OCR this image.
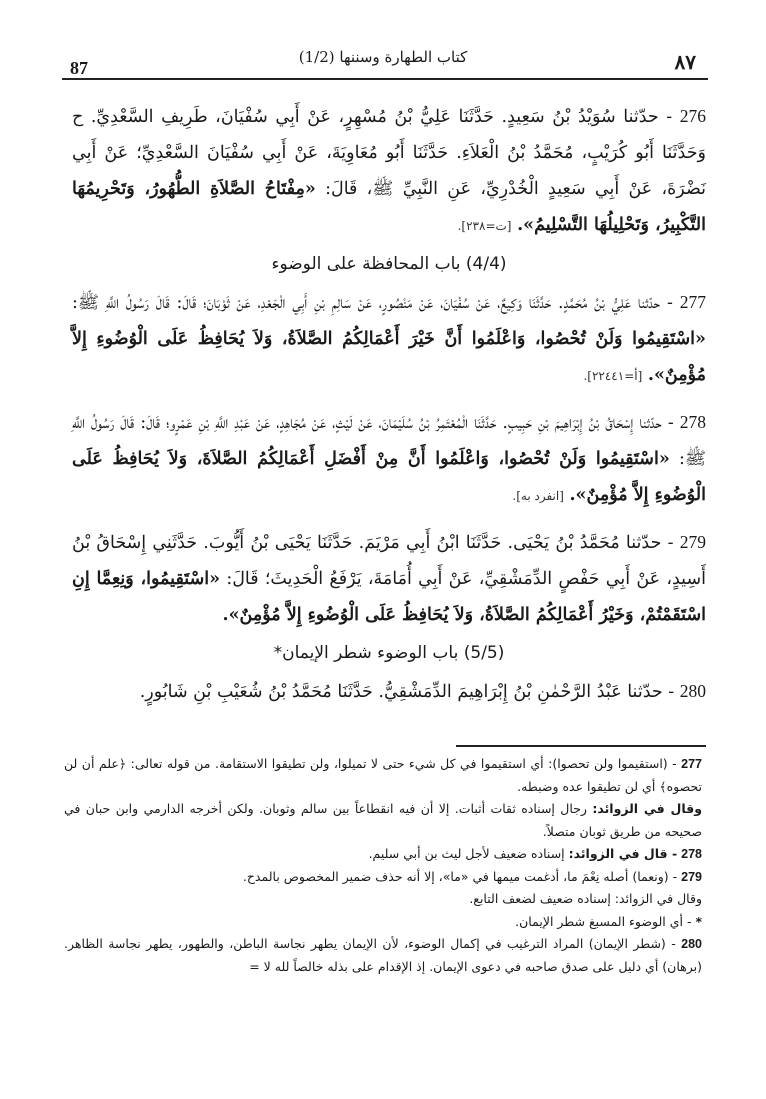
87
(1/2) كتاب الطهارة وسننها	٨٧

276 - حدّثنا سُوَيْدُ بْنُ سَعِيدٍ. حَدَّثَنَا عَلِيُّ بْنُ مُسْهِرٍ، عَنْ أَبِي سُفْيَانَ، طَرِيفِ السَّعْدِيِّ. ح وَحَدَّثَنَا أَبُو كُرَيْبٍ، مُحَمَّدُ بْنُ الْعَلاَءِ. حَدَّثَنَا أَبُو مُعَاوِيَةَ، عَنْ أَبِي سُفْيَانَ السَّعْدِيِّ؛ عَنْ أَبِي نَضْرَةَ، عَنْ أَبِي سَعِيدٍ الْخُدْرِيِّ، عَنِ النَّبِيِّ ﷺ، قَالَ: «مِفْتَاحُ الصَّلاَةِ الطُّهُورُ، وَتَحْرِيمُهَا التَّكْبِيرُ، وَتَحْلِيلُهَا التَّسْلِيمُ». [ت=٢٣٨].

(4/4) باب المحافظة على الوضوء

277 - حدّثنا عَلِيُّ بْنُ مُحَمَّدٍ. حَدَّثَنَا وَكِيعٌ، عَنْ سُفْيَانَ، عَنْ مَنْصُورٍ، عَنْ سَالِمِ بْنِ أَبِي الْجَعْدِ، عَنْ ثَوْبَانَ؛ قَالَ: قَالَ رَسُولُ اللَّهِ ﷺ: «اسْتَقِيمُوا وَلَنْ تُحْصُوا، وَاعْلَمُوا أَنَّ خَيْرَ أَعْمَالِكُمُ الصَّلاَةُ، وَلاَ يُحَافِظُ عَلَى الْوُضُوءِ إِلاَّ مُؤْمِنٌ». [أ=٢٢٤٤١].

278 - حدّثنا إِسْحَاقُ بْنُ إِبْرَاهِيمَ بْنِ حَبِيبٍ. حَدَّثَنَا الْمُعْتَمِرُ بْنُ سُلَيْمَانَ، عَنْ لَيْثٍ، عَنْ مُجَاهِدٍ، عَنْ عَبْدِ اللَّهِ بْنِ عَمْرٍو؛ قَالَ: قَالَ رَسُولُ اللَّهِ ﷺ: «اسْتَقِيمُوا وَلَنْ تُحْصُوا، وَاعْلَمُوا أَنَّ مِنْ أَفْضَلِ أَعْمَالِكُمُ الصَّلاَةَ، وَلاَ يُحَافِظُ عَلَى الْوُضُوءِ إِلاَّ مُؤْمِنٌ». [انفرد به].

279 - حدّثنا مُحَمَّدُ بْنُ يَحْيَى. حَدَّثَنَا ابْنُ أَبِي مَرْيَمَ. حَدَّثَنَا يَحْيَى بْنُ أَيُّوبَ. حَدَّثَنِي إِسْحَاقُ بْنُ أَسِيدٍ، عَنْ أَبِي حَفْصٍ الدِّمَشْقِيِّ، عَنْ أَبِي أُمَامَةَ، يَرْفَعُ الْحَدِيثَ؛ قَالَ: «اسْتَقِيمُوا، وَنِعِمَّا إِنِ اسْتَقَمْتُمْ، وَخَيْرُ أَعْمَالِكُمُ الصَّلاَةُ، وَلاَ يُحَافِظُ عَلَى الْوُضُوءِ إِلاَّ مُؤْمِنٌ».

(5/5) باب الوضوء شطر الإيمان*

280 - حدّثنا عَبْدُ الرَّحْمٰنِ بْنُ إِبْرَاهِيمَ الدِّمَشْقِيُّ. حَدَّثَنَا مُحَمَّدُ بْنُ شُعَيْبِ بْنِ شَابُورٍ.

277 - (استقيموا ولن تحصوا): أي استقيموا في كل شيء حتى لا تميلوا، ولن تطيقوا الاستقامة. من قوله تعالى: ﴿علم أن لن تحصوه﴾ أي لن تطيقوا عده وضبطه.

وقال في الزوائد: رجال إسناده ثقات أثبات. إلا أن فيه انقطاعاً بين سالم وثوبان. ولكن أخرجه الدارمي وابن حبان في صحيحه من طريق ثوبان متصلاً.

278 - قال في الزوائد: إسناده ضعيف لأجل ليث بن أبي سليم.

279 - (ونعما) أصله نِعْمَ ما، أدغمت ميمها في «ما»، إلا أنه حذف ضمير المخصوص بالمدح.

وقال في الزوائد: إسناده ضعيف لضعف التابع.

* - أي الوضوء المسبغ شطر الإيمان.

280 - (شطر الإيمان) المراد الترغيب في إكمال الوضوء، لأن الإيمان يطهر نجاسة الباطن، والطهور، يطهر نجاسة الظاهر. (برهان) أي دليل على صدق صاحبه في دعوى الإيمان. إذ الإقدام على بذله خالصاً لله لا =
